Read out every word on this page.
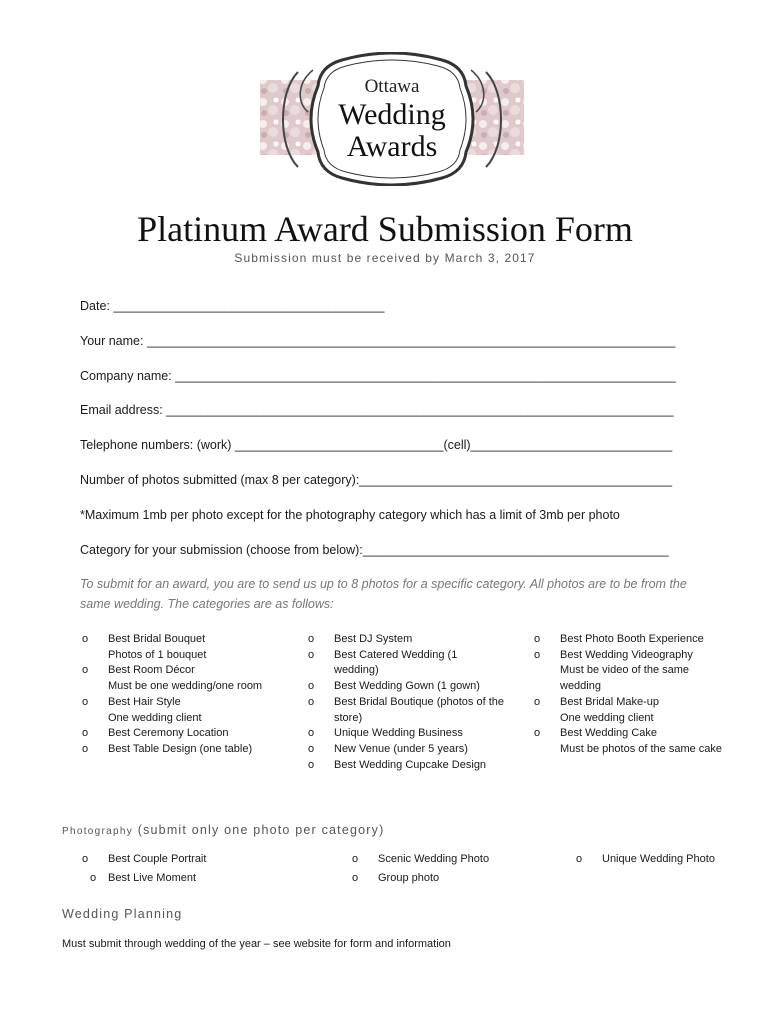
Ottawa
Wedding
Awards
Platinum Award Submission Form
Submission must be received by March 3, 2017
Date: _______________________________________
Your name: ____________________________________________________________________________
Company name: ________________________________________________________________________
Email address: _________________________________________________________________________
Telephone numbers: (work) ______________________________(cell)_____________________________
Number of photos submitted (max 8 per category):_____________________________________________
*Maximum 1mb per photo except for the photography category which has a limit of 3mb per photo
Category for your submission (choose from below):____________________________________________
To submit for an award, you are to send us up to 8 photos for a specific category. All photos are to be from the same wedding. The categories are as follows:
o Best Bridal Bouquet
Photos of 1 bouquet
o Best Room Décor
Must be one wedding/one room
o Best Hair Style
One wedding client
o Best Ceremony Location
o Best Table Design (one table)
o Best DJ System
o Best Catered Wedding (1 wedding)
o Best Wedding Gown (1 gown)
o Best Bridal Boutique (photos of the store)
o Unique Wedding Business
o New Venue (under 5 years)
o Best Wedding Cupcake Design
o Best Photo Booth Experience
o Best Wedding Videography
Must be video of the same wedding
o Best Bridal Make-up
One wedding client
o Best Wedding Cake
Must be photos of the same cake
Photography (submit only one photo per category)
o Best Couple Portrait	o Scenic Wedding Photo	o Unique Wedding Photo
o Best Live Moment	o Group photo
Wedding Planning
Must submit through wedding of the year – see website for form and information
